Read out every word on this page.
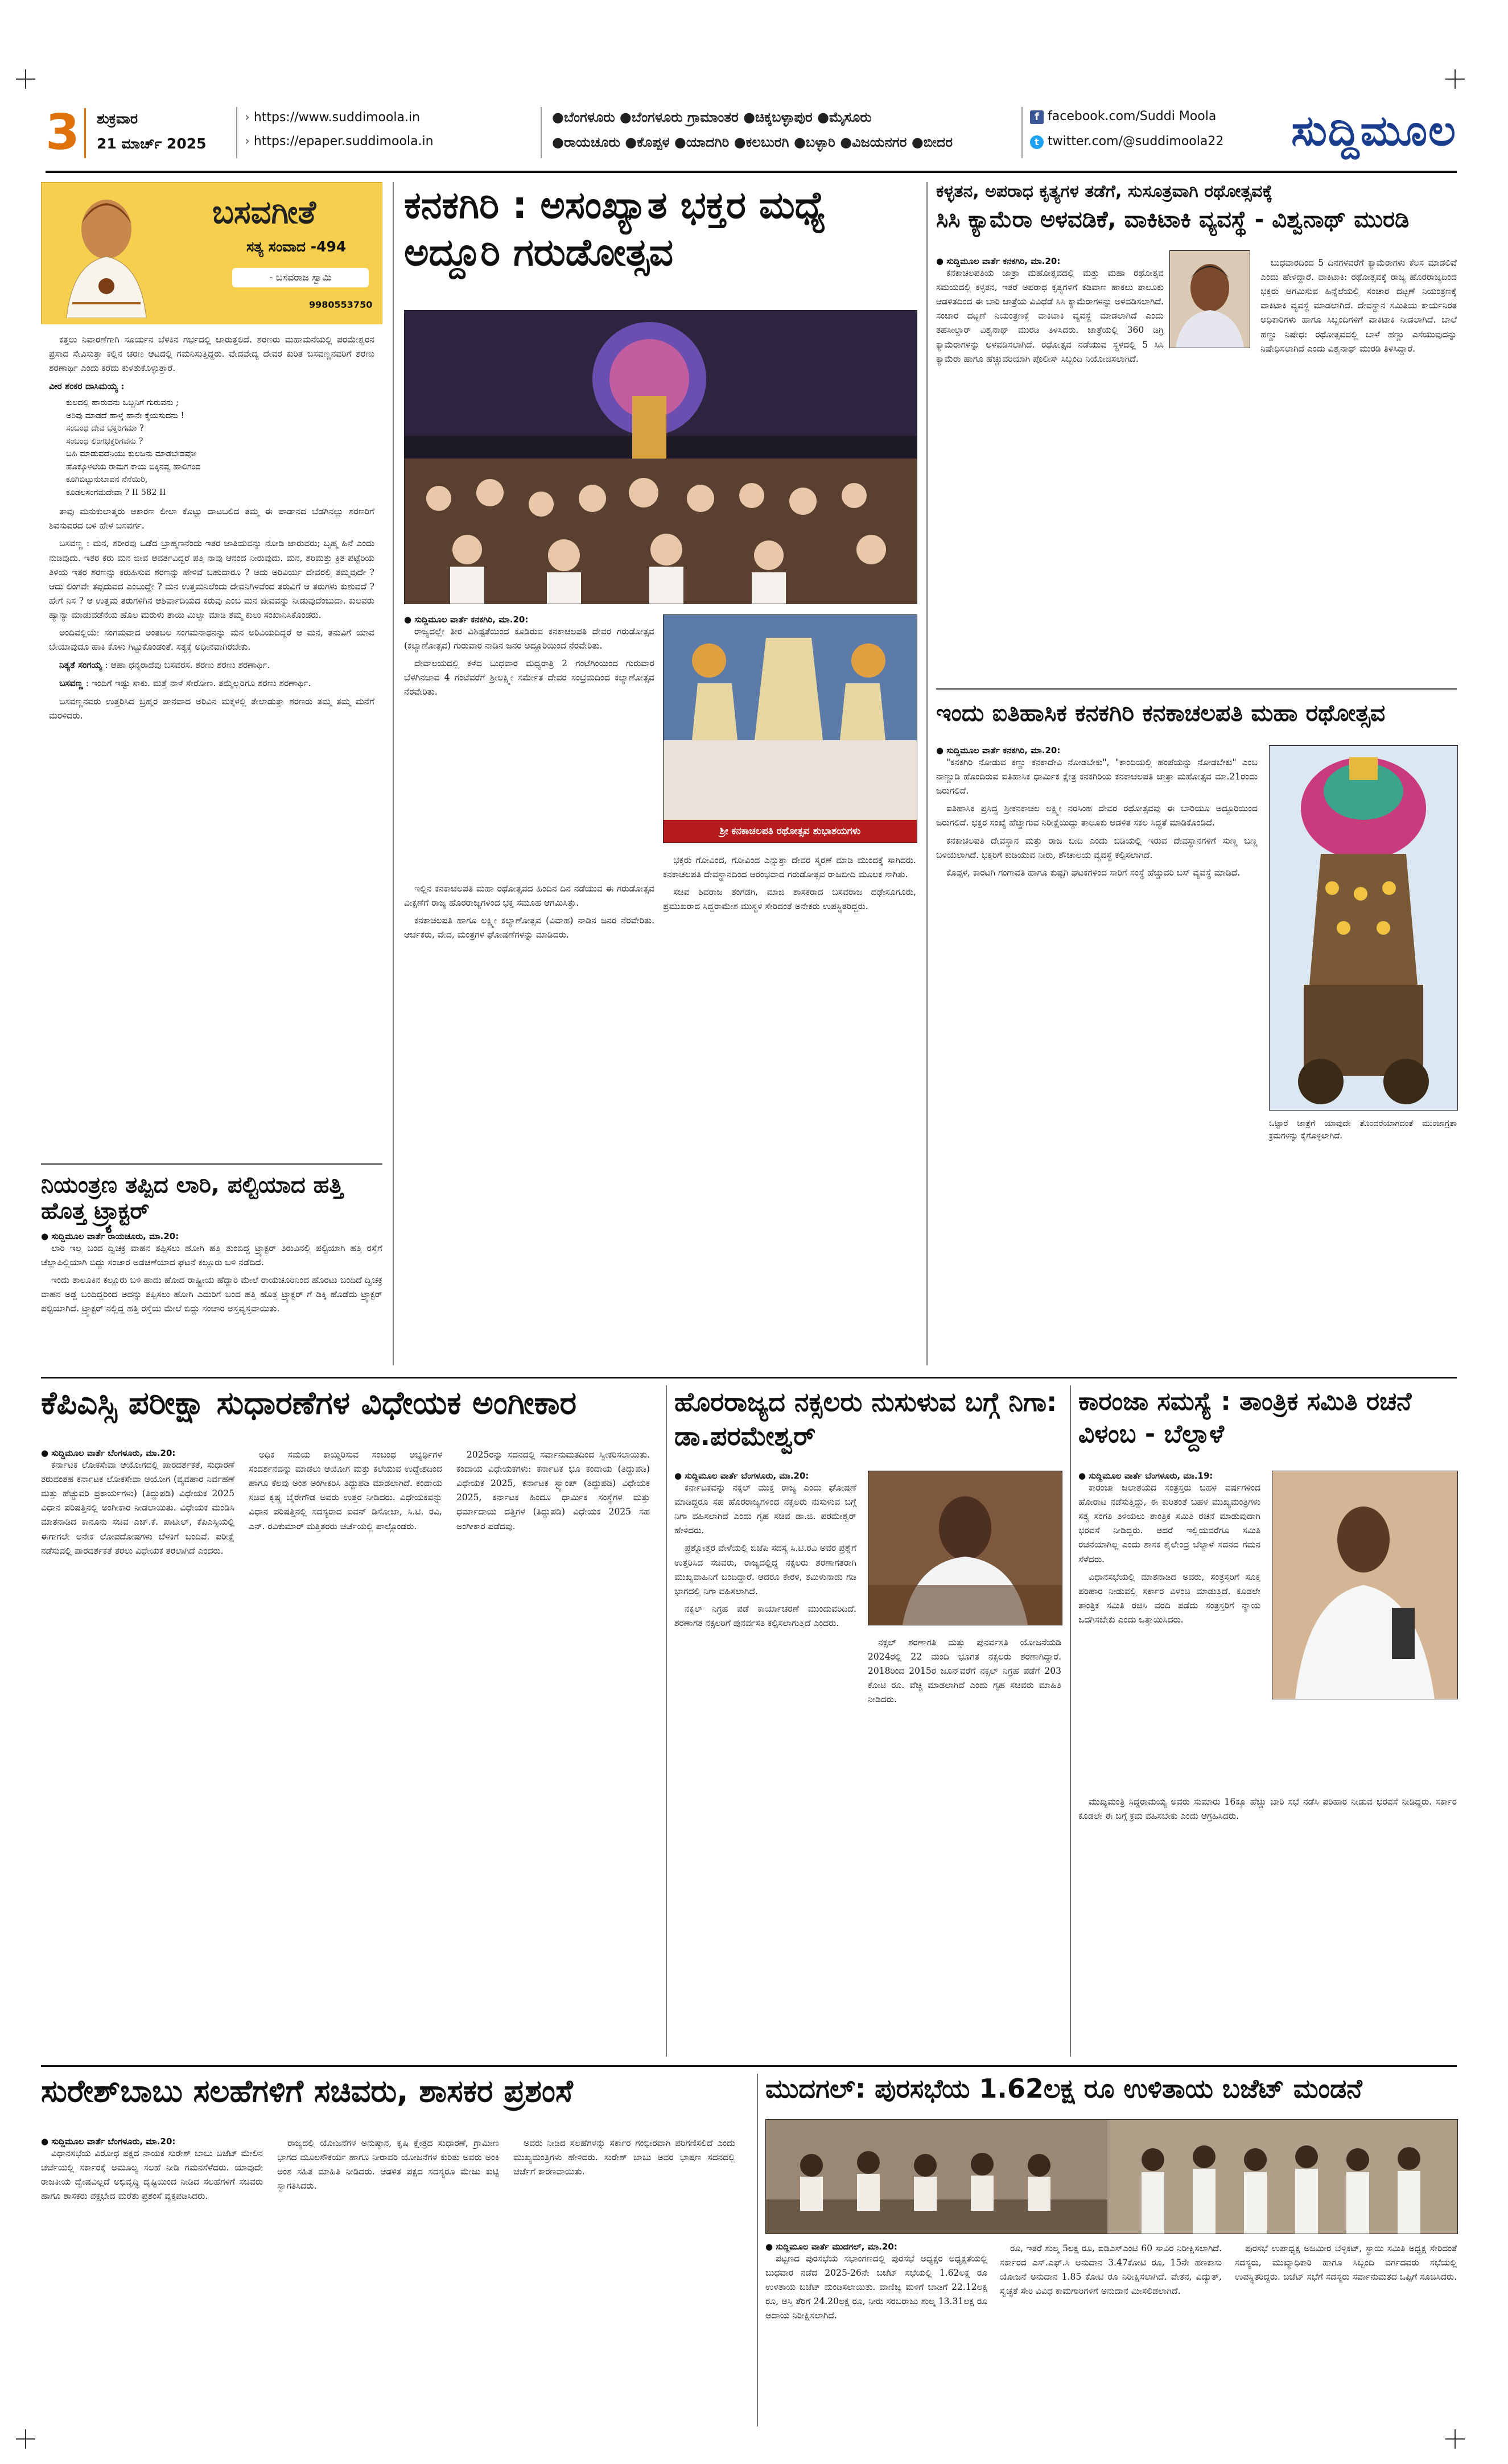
3 ಶುಕ್ರವಾರ
21 ಮಾರ್ಚ್ 2025
› https://www.suddimoola.in
› https://epaper.suddimoola.in
●ಬೆಂಗಳೂರು ●ಬೆಂಗಳೂರು ಗ್ರಾಮಾಂತರ ●ಚಿಕ್ಕಬಳ್ಳಾಪುರ ●ಮೈಸೂರು
●ರಾಯಚೂರು ●ಕೊಪ್ಪಳ ●ಯಾದಗಿರಿ ●ಕಲಬುರಗಿ ●ಬಳ್ಳಾರಿ ●ವಿಜಯನಗರ ●ಬೀದರ
f facebook.com/Suddi Moola
t twitter.com/@suddimoola22	ಸುದ್ದಿಮೂಲ
ಬಸವಗೀತೆ
ಸತ್ಯ ಸಂವಾದ -494
- ಬಸವರಾಜ ಸ್ವಾಮಿ
9980553750

ಕತ್ತಲು ನಿವಾರಣೆಗಾಗಿ ಸೂರ್ಯನ ಬೆಳಕಿನ ಗರ್ಭದಲ್ಲಿ ಜಾರುತ್ತಲಿದೆ. ಶರಣರು ಮಹಾಮನೆಯಲ್ಲಿ ಪರಮೇಶ್ವರನ ಪ್ರಸಾದ ಸೇವಿಸುತ್ತಾ ಕಲ್ಲಿನ ಚರಣ ಆಟದಲ್ಲಿ ಗಮನಿಸುತ್ತಿದ್ದರು. ವೇದವೇದ್ಯ ದೇವರ ಕುರಿತ ಬಸವಣ್ಣನವರಿಗೆ ಶರಣು ಶರಣಾರ್ಥಿ ಎಂದು ಕರೆದು ಕುಳಿತುಕೊಳ್ಳುತ್ತಾರೆ.

ವೀರ ಶಂಕರ ದಾಸಿಮಯ್ಯ :
ಕುಲದಲ್ಲಿ ಹಾರುವನು ಒಬ್ಬನಿಗೆ ಗುರುವನು ;
ಅರಿವು ಮಾಡದೆ ಹಾಳ್ಕೆ ಹಾನೇ ಕೈಯಸುದನು !
ಸಂಬಂಧ ದೇವ ಭಕ್ತರಿಗಮಾ ?
ಸಂಬಂಧ ಲಿಂಗಭಕ್ತರಿಗವನು ?
ಬಹಿ ಮಾಡುವದೆನಿಯು ಕುಲಜನು ಮಾಡಬೇಡವೋ
ಹೊಕ್ಕೊಳಲೆಯ ರಾಮಗ ಕಾಯ ಬಿಕ್ಕಿನವ್ವ ಹಾಲಿಗಂದ
ಕೂಗಿಬಿಟ್ಟುನುಬಾವನ ನೆನೆಯಿರಿ,
ಕೂಡಲಸಂಗಮದೇವಾ ? II 582 II

ತಾವು ಮನುಕುಲಾತ್ಮರು ಆಕಾರಣ ಲೀಲಾ ಕೊಟ್ಟು ದಾಟಬಲಿದ ತಮ್ಮ ಈ ಪಾಡಾನದ ಬೆಡಗಿನಲ್ಲು ಶರಣರಿಗೆ ಶಿವಸುವರದ ಬಳಿ ಹೇಳ ಬಸವರ್ಗ.

ಬಸವಣ್ಣ : ಮನ, ಶರೀರವು ಒಡೆದ ಬ್ರಾಹ್ಮಣನೆಂದು ಇತರ ಜಾತಿಯವನ್ನು ನೋಡಿ ಜಾರುವರು; ಬೃಹ್ಮ ಹಿನೆ ಎಂದು ನುಡಿವುದು. ಇತರ ಕರು ಮನ ಜೀವ ಆವರ್ತವಿದ್ದರೆ ಪತ್ತಿ ನಾವು ಆನಂದ ನೀರುವುದು. ಮನ, ಶರಿಮತ್ತು ಕ್ರಿತ ಪಟ್ಟೆರಿಯ ತಿಳಿಯ ಇತರ ಶರಣನ್ನು ಕರುಹಿಸುವ ಶರಣನ್ನು ಹೇಳಿವೆ ಬಹುದಾರೂ ? ಆದು ಅರಿವಿರ್ಯ ದೇವರಲ್ಲಿ ತಮ್ಮವುದೇ ? ಆದು ಲಿಂಗವೇ ತಪ್ಪದುವದ ಎಂಬುದ್ದೇ ? ಮನ ಉತ್ತಮನಿಲೆಂದು ದೇವನಿಗಿಳವೆಂದ ತರುವಿಗೆ ಆ ತರುಗಳು ಕುಶುವದೆ ? ಹೇಗೆ ನಿಸ ? ಆ ಉತ್ತಮ ತರುಗಳಿಗಿನ ಆಶಿರ್ವಾದಿಯದ ಕರುವು ಎಂಬ ಮನ ಜೀವವನ್ನು ನೀಡುವುದೆಂಬುದಾ. ಕುಲವರು ಹ್ಯಾನ್ಯಾ ಮಾಡುವಡೆನೆಯ ಹೊಲ ಮರುಳು ತಾಯಿ ಮಿಲ್ವಾ ಮಾಡಿ ತಮ್ಮ ಕುಲು ಸಂಖಾನಿಸಿಕೊಂಡರು.

ಅಂದಿವಲ್ಲಿಯೇ ಸಂಗಮವಾದ ಅಂತಬಲ ಸಂಗಮನಾಥನನ್ನು ಮನ ಅರಿವಿಯದಿದ್ದರೆ ಆ ಮನ, ತನುವಿಗೆ ಯಾವ ಬೇಯಾವುದೂ ಹಾಕಿ ಕೊಳು ಗಿಟ್ಟುಕೊಂಡಂತೆ. ಸತ್ಯಕ್ಕೆ ಅಧೀನವಾಗಿರಬೇಕು.

ನಿತ್ಯತೆ ಸಂಗಯ್ಯ : ಆಹಾ ಧನ್ಯರಾದೆವು ಬಸವರಸ. ಶರಣು ಶರಣು ಶರಣಾರ್ಥಿ.

ಬಸವಣ್ಣ : ಇಂದಿಗೆ ಇಷ್ಟು ಸಾಕು. ಮತ್ತೆ ನಾಳೆ ಸೇರೋಣ. ತಮ್ಮೆಲ್ಲರಿಗೂ ಶರಣು ಶರಣಾರ್ಥಿ.

ಬಸವಣ್ಣನವರು ಉತ್ತರಿಸಿದ ಬ್ರಹ್ಮರ ಪಾನವಾದ ಅರಿವಿನ ಮಕ್ಕಳಲ್ಲಿ ತೇಲಾಡುತ್ತಾ ಶರಣರು ತಮ್ಮ ತಮ್ಮ ಮನೆಗೆ ಮರಳಿದರು.

ನಿಯಂತ್ರಣ ತಪ್ಪಿದ ಲಾರಿ, ಪಲ್ಟಿಯಾದ ಹತ್ತಿ ಹೊತ್ತ ಟ್ರ್ಯಾಕ್ಟರ್
● ಸುದ್ದಿಮೂಲ ವಾರ್ತೆ ರಾಯಚೂರು, ಮಾ.20:

ಲಾರಿ ಇಲ್ಲ ಬಂದ ದ್ವಿಚಕ್ರ ವಾಹನ ತಪ್ಪಿಸಲು ಹೋಗಿ ಹತ್ತಿ ತುಂಬಿದ್ದ ಟ್ರ್ಯಾಕ್ಟರ್ ತಿರುವಿನಲ್ಲಿ ಪಲ್ಟಿಯಾಗಿ ಹತ್ತಿ ರಸ್ತೆಗೆ ಚೆಲ್ಲಾಪಿಲ್ಲಿಯಾಗಿ ಬಿದ್ದು ಸಂಚಾರ ಅಡಚಣೆಯಾದ ಘಟನೆ ಕಲ್ಲೂರು ಬಳಿ ನಡೆದಿದೆ.

ಇಂದು ತಾಲೂಕಿನ ಕಲ್ಲೂರು ಬಳಿ ಹಾದು ಹೋದ ರಾಷ್ಟ್ರೀಯ ಹೆದ್ದಾರಿ ಮೇಲೆ ರಾಯಚೂರಿನಿಂದ ಹೊರಟು ಬಂದಿದೆ ದ್ವಿಚಕ್ರ ವಾಹನ ಅಡ್ಡ ಬಂದಿದ್ದರಿಂದ ಅದನ್ನು ತಪ್ಪಿಸಲು ಹೋಗಿ ಎದುರಿಗೆ ಬಂದ ಹತ್ತಿ ಹೊತ್ತ ಟ್ರ್ಯಾಕ್ಟರ್ ಗೆ ಡಿಕ್ಕಿ ಹೊಡೆದು ಟ್ರ್ಯಾಕ್ಟರ್ ಪಲ್ಟಿಯಾಗಿದೆ. ಟ್ರ್ಯಾಕ್ಟರ್ ನಲ್ಲಿದ್ದ ಹತ್ತಿ ರಸ್ತೆಯ ಮೇಲೆ ಬಿದ್ದು ಸಂಚಾರ ಅಸ್ತವ್ಯಸ್ತವಾಯಿತು.

ಕನಕಗಿರಿ : ಅಸಂಖ್ಯಾತ ಭಕ್ತರ ಮಧ್ಯೆ ಅದ್ದೂರಿ ಗರುಡೋತ್ಸವ
● ಸುದ್ದಿಮೂಲ ವಾರ್ತೆ ಕನಕಗಿರಿ, ಮಾ.20:

ರಾಜ್ಯದಲ್ಲೇ ತೀರ ವಿಶಿಷ್ಟತೆಯಿಂದ ಕೂಡಿರುವ ಕನಕಾಚಲಪತಿ ದೇವರ ಗರುಡೋತ್ಸವ (ಕಲ್ಯಾಣೋತ್ಸವ) ಗುರುವಾರ ನಾಡಿನ ಜನರ ಅದ್ದೂರಿಯಿಂದ ನೆರವೇರಿತು.

ದೇವಾಲಯದಲ್ಲಿ ಕಳೆದ ಬುಧವಾರ ಮಧ್ಯರಾತ್ರಿ 2 ಗಂಟೆಗಿಂಯಿಂದ ಗುರುವಾರ ಬೆಳಗಿನಜಾವ 4 ಗಂಟೆವರೆಗೆ ಶ್ರೀಲಕ್ಷ್ಮೀ ಸರ್ಮೇತ ದೇವರ ಸಂಭ್ರಮದಿಂದ ಕಲ್ಯಾಣೋತ್ಸವ ನೆರವೇರಿತು.

ಶ್ರೀ ಕನಕಾಚಲಪತಿ ರಥೋತ್ಸವ ಶುಭಾಶಯಗಳು

ಇಲ್ಲಿನ ಕನಕಾಚಲಪತಿ ಮಹಾ ರಥೋತ್ಸವದ ಹಿಂದಿನ ದಿನ ನಡೆಯುವ ಈ ಗರುಡೋತ್ಸವ ವೀಕ್ಷಣೆಗೆ ರಾಜ್ಯ ಹೊರರಾಜ್ಯಗಳಿಂದ ಭಕ್ತ ಸಮೂಹ ಆಗಮಿಸಿತ್ತು.

ಕನಕಾಚಲಪತಿ ಹಾಗೂ ಲಕ್ಷ್ಮೀ ಕಲ್ಯಾಣೋತ್ಸವ (ವಿವಾಹ) ನಾಡಿನ ಜನರ ನೆರವೇರಿತು. ಆರ್ಚಕರು, ವೇದ, ಮಂತ್ರಗಳ ಘೋಷಣೆಗಳನ್ನು ಮಾಡಿದರು.

ಭಕ್ತರು ಗೋವಿಂದ, ಗೋವಿಂದ ಎನ್ನುತ್ತಾ ದೇವರ ಸ್ಮರಣೆ ಮಾಡಿ ಮುಂದಕ್ಕೆ ಸಾಗಿದರು. ಕನಕಾಚಲಪತಿ ದೇವಸ್ಥಾನದಿಂದ ಆರಂಭವಾದ ಗರುಡೋತ್ಸವ ರಾಜಬೀದಿ ಮೂಲಕ ಸಾಗಿತು.

ಸಚಿವ ಶಿವರಾಜ ತಂಗಡಗಿ, ಮಾಜಿ ಶಾಸಕರಾದ ಬಸವರಾಜ ದಢೇಸೂಗೂರು, ಪ್ರಮುಖರಾದ ಸಿದ್ದರಾಮೇಶ ಮುಸ್ಥಳಿ ಸೇರಿದಂತೆ ಅನೇಕರು ಉಪಸ್ಥಿತರಿದ್ದರು.

ಕಳ್ಳತನ, ಅಪರಾಧ ಕೃತ್ಯಗಳ ತಡೆಗೆ, ಸುಸೂತ್ರವಾಗಿ ರಥೋತ್ಸವಕ್ಕೆ
ಸಿಸಿ ಕ್ಯಾಮೆರಾ ಅಳವಡಿಕೆ, ವಾಕಿಟಾಕಿ ವ್ಯವಸ್ಥೆ - ವಿಶ್ವನಾಥ್ ಮುರಡಿ
● ಸುದ್ದಿಮೂಲ ವಾರ್ತೆ ಕನಕಗಿರಿ, ಮಾ.20:

ಕನಕಾಚಲಪತಿಯ ಜಾತ್ರಾ ಮಹೋತ್ಸವದಲ್ಲಿ ಮತ್ತು ಮಹಾ ರಥೋತ್ಸವ ಸಮಯದಲ್ಲಿ ಕಳ್ಳತನ, ಇತರೆ ಅಪರಾಧ ಕೃತ್ಯಗಳಿಗೆ ಕಡಿವಾಣ ಹಾಕಲು ತಾಲೂಕು ಆಡಳಿತದಿಂದ ಈ ಬಾರಿ ಜಾತ್ರೆಯ ವಿವಿಧೆಡೆ ಸಿಸಿ ಕ್ಯಾಮೆರಾಗಳನ್ನು ಅಳವಡಿಸಲಾಗಿದೆ. ಸಂಚಾರ ದಟ್ಟಣೆ ನಿಯಂತ್ರಣಕ್ಕೆ ವಾಕಿಟಾಕಿ ವ್ಯವಸ್ಥೆ ಮಾಡಲಾಗಿದೆ ಎಂದು ತಹಸೀಲ್ದಾರ್ ವಿಶ್ವನಾಥ್ ಮುರಡಿ ತಿಳಿಸಿದರು. ಜಾತ್ರೆಯಲ್ಲಿ 360 ಡಿಗ್ರಿ ಕ್ಯಾಮೆರಾಗಳನ್ನು ಅಳವಡಿಸಲಾಗಿದೆ. ರಥೋತ್ಸವ ನಡೆಯುವ ಸ್ಥಳದಲ್ಲಿ 5 ಸಿಸಿ ಕ್ಯಾಮೆರಾ ಹಾಗೂ ಹೆಚ್ಚುವರಿಯಾಗಿ ಪೊಲೀಸ್ ಸಿಬ್ಬಂದಿ ನಿಯೋಜಿಸಲಾಗಿದೆ.

ಬುಧವಾರದಿಂದ 5 ದಿನಗಳವರೆಗೆ ಕ್ಯಾಮೆರಾಗಳು ಕೆಲಸ ಮಾಡಲಿವೆ ಎಂದು ಹೇಳಿದ್ದಾರೆ. ವಾಕಿಟಾಕಿ: ರಥೋತ್ಸವಕ್ಕೆ ರಾಜ್ಯ ಹೊರರಾಜ್ಯದಿಂದ ಭಕ್ತರು ಆಗಮಿಸುವ ಹಿನ್ನೆಲೆಯಲ್ಲಿ ಸಂಚಾರ ದಟ್ಟಣೆ ನಿಯಂತ್ರಣಕ್ಕೆ ವಾಕಿಟಾಕಿ ವ್ಯವಸ್ಥೆ ಮಾಡಲಾಗಿದೆ. ದೇವಸ್ಥಾನ ಸಮಿತಿಯ ಕಾರ್ಯನಿರತ ಅಧಿಕಾರಿಗಳು ಹಾಗೂ ಸಿಬ್ಬಂದಿಗಳಿಗೆ ವಾಕಿಟಾಕಿ ನೀಡಲಾಗಿದೆ. ಬಾಲೆ ಹಣ್ಣು ನಿಷೇಧ: ರಥೋತ್ಸವದಲ್ಲಿ ಬಾಳೆ ಹಣ್ಣು ಎಸೆಯುವುದನ್ನು ನಿಷೇಧಿಸಲಾಗಿದೆ ಎಂದು ವಿಶ್ವನಾಥ್ ಮುರಡಿ ತಿಳಿಸಿದ್ದಾರೆ.

ಇಂದು ಐತಿಹಾಸಿಕ ಕನಕಗಿರಿ ಕನಕಾಚಲಪತಿ ಮಹಾ ರಥೋತ್ಸವ
● ಸುದ್ದಿಮೂಲ ವಾರ್ತೆ ಕನಕಗಿರಿ, ಮಾ.20:

"ಕನಕಗಿರಿ ನೋಡುವ ಕಣ್ಣು ಕನಕಾದೇವಿ ನೋಡಬೇಕು", "ಕಾಂದಿಯಲ್ಲಿ ಹಂಪೆಯನ್ನು ನೋಡಬೇಕು" ಎಂಬ ನಾಣ್ಣುಡಿ ಹೊಂದಿರುವ ಐತಿಹಾಸಿಕ ಧಾರ್ಮಿಕ ಕ್ಷೇತ್ರ ಕನಕಗಿರಿಯ ಕನಕಾಚಲಪತಿ ಜಾತ್ರಾ ಮಹೋತ್ಸವ ಮಾ.21ರಂದು ಜರುಗಲಿದೆ.

ಐತಿಹಾಸಿಕ ಪ್ರಸಿದ್ಧ ಶ್ರೀಕನಕಾಚಲ ಲಕ್ಷ್ಮೀ ನರಸಿಂಹ ದೇವರ ರಥೋತ್ಸವವು ಈ ಬಾರಿಯೂ ಅದ್ದೂರಿಯಿಂದ ಜರುಗಲಿದೆ. ಭಕ್ತರ ಸಂಖ್ಯೆ ಹೆಚ್ಚಾಗುವ ನಿರೀಕ್ಷೆಯಿದ್ದು ತಾಲೂಕು ಆಡಳಿತ ಸಕಲ ಸಿದ್ಧತೆ ಮಾಡಿಕೊಂಡಿದೆ.

ಕನಕಾಚಲಪತಿ ದೇವಸ್ಥಾನ ಮತ್ತು ರಾಜ ಬೀದಿ ಎಂದು ಬಿಡಿಯಲ್ಲಿ ಇರುವ ದೇವಸ್ಥಾನಗಳಿಗೆ ಸುಣ್ಣ ಬಣ್ಣ ಬಳಿಯಲಾಗಿದೆ. ಭಕ್ತರಿಗೆ ಕುಡಿಯುವ ನೀರು, ಶೌಚಾಲಯ ವ್ಯವಸ್ಥೆ ಕಲ್ಪಿಸಲಾಗಿದೆ.

ಕೊಪ್ಪಳ, ಕಾರಟಗಿ ಗಂಗಾವತಿ ಹಾಗೂ ಕುಷ್ಟಗಿ ಘಟಕಗಳಿಂದ ಸಾರಿಗೆ ಸಂಸ್ಥೆ ಹೆಚ್ಚುವರಿ ಬಸ್ ವ್ಯವಸ್ಥೆ ಮಾಡಿದೆ.

ಒಟ್ಟಾರೆ ಜಾತ್ರೆಗೆ ಯಾವುದೇ ತೊಂದರೆಯಾಗದಂತೆ ಮುಂಜಾಗ್ರತಾ ಕ್ರಮಗಳನ್ನು ಕೈಗೊಳ್ಳಲಾಗಿದೆ.
ಕೆಪಿಎಸ್ಸಿ ಪರೀಕ್ಷಾ ಸುಧಾರಣೆಗಳ ವಿಧೇಯಕ ಅಂಗೀಕಾರ
● ಸುದ್ದಿಮೂಲ ವಾರ್ತೆ ಬೆಂಗಳೂರು, ಮಾ.20:

ಕರ್ನಾಟಕ ಲೋಕಸೇವಾ ಆಯೋಗದಲ್ಲಿ ಪಾರದರ್ಶಕತೆ, ಸುಧಾರಣೆ ತರುವಂತಹ ಕರ್ನಾಟಕ ಲೋಕಸೇವಾ ಆಯೋಗ (ವ್ಯವಹಾರ ನಿರ್ವಹಣೆ ಮತ್ತು ಹೆಚ್ಚುವರಿ ಪ್ರಕಾರ್ಯಗಳು) (ತಿದ್ದುಪಡಿ) ವಿಧೇಯಕ 2025 ವಿಧಾನ ಪರಿಷತ್ತಿನಲ್ಲಿ ಅಂಗೀಕಾರ ನೀಡಲಾಯಿತು. ವಿಧೇಯಕ ಮಂಡಿಸಿ ಮಾತನಾಡಿದ ಕಾನೂನು ಸಚಿವ ಎಚ್.ಕೆ. ಪಾಟೀಲ್, ಕೆಪಿಎಸ್ಸಿಯಲ್ಲಿ ಈಗಾಗಲೇ ಅನೇಕ ಲೋಪದೋಷಗಳು ಬೆಳಕಿಗೆ ಬಂದಿವೆ. ಪರೀಕ್ಷೆ ನಡೆಸುವಲ್ಲಿ ಪಾರದರ್ಶಕತೆ ತರಲು ವಿಧೇಯಕ ತರಲಾಗಿದೆ ಎಂದರು.

ಅಧಿಕ ಸಮಯ ಕಾಯ್ದಿರಿಸುವ ಸಂಬಂಧ ಅಭ್ಯರ್ಥಿಗಳ ಸಂದರ್ಶನವನ್ನು ಮಾಡಲು ಆಯೋಗ ಮತ್ತು ಕಲೆಯುವ ಉದ್ದೇಶದಿಂದ ಹಾಗೂ ಕೆಲವು ಅಂಶ ಅಂಗೀಕರಿಸಿ ತಿದ್ದುಪಡಿ ಮಾಡಲಾಗಿದೆ. ಕಂದಾಯ ಸಚಿವ ಕೃಷ್ಣ ಬೈರೇಗೌಡ ಅವರು ಉತ್ತರ ನೀಡಿದರು. ವಿಧೇಯಕವನ್ನು ವಿಧಾನ ಪರಿಷತ್ತಿನಲ್ಲಿ ಸದಸ್ಯರಾದ ಐವನ್ ಡಿಸೋಜಾ, ಸಿ.ಟಿ. ರವಿ, ಎನ್. ರವಿಕುಮಾರ್ ಮತ್ತಿತರರು ಚರ್ಚೆಯಲ್ಲಿ ಪಾಲ್ಗೊಂಡರು.

2025ರನ್ನು ಸದನದಲ್ಲಿ ಸರ್ವಾನುಮತದಿಂದ ಸ್ವೀಕರಿಸಲಾಯಿತು. ಕಂದಾಯ ವಿಧೇಯಕಗಳು: ಕರ್ನಾಟಕ ಭೂ ಕಂದಾಯ (ತಿದ್ದುಪಡಿ) ವಿಧೇಯಕ 2025, ಕರ್ನಾಟಕ ಸ್ಟ್ಯಾಂಪ್ (ತಿದ್ದುಪಡಿ) ವಿಧೇಯಕ 2025, ಕರ್ನಾಟಕ ಹಿಂದೂ ಧಾರ್ಮಿಕ ಸಂಸ್ಥೆಗಳ ಮತ್ತು ಧರ್ಮಾದಾಯ ದತ್ತಿಗಳ (ತಿದ್ದುಪಡಿ) ವಿಧೇಯಕ 2025 ಸಹ ಅಂಗೀಕಾರ ಪಡೆದವು.

ಹೊರರಾಜ್ಯದ ನಕ್ಸಲರು ನುಸುಳುವ ಬಗ್ಗೆ ನಿಗಾ: ಡಾ.ಪರಮೇಶ್ವರ್
● ಸುದ್ದಿಮೂಲ ವಾರ್ತೆ ಬೆಂಗಳೂರು, ಮಾ.20:

ಕರ್ನಾಟಕವನ್ನು ನಕ್ಸಲ್ ಮುಕ್ತ ರಾಜ್ಯ ಎಂದು ಘೋಷಣೆ ಮಾಡಿದ್ದರೂ ಸಹ ಹೊರರಾಜ್ಯಗಳಿಂದ ನಕ್ಸಲರು ನುಸುಳುವ ಬಗ್ಗೆ ನಿಗಾ ವಹಿಸಲಾಗಿದೆ ಎಂದು ಗೃಹ ಸಚಿವ ಡಾ.ಜಿ. ಪರಮೇಶ್ವರ್ ಹೇಳಿದರು.

ಪ್ರಶ್ನೋತ್ತರ ವೇಳೆಯಲ್ಲಿ ಬಿಜೆಪಿ ಸದಸ್ಯ ಸಿ.ಟಿ.ರವಿ ಅವರ ಪ್ರಶ್ನೆಗೆ ಉತ್ತರಿಸಿದ ಸಚಿವರು, ರಾಜ್ಯದಲ್ಲಿದ್ದ ನಕ್ಸಲರು ಶರಣಾಗತರಾಗಿ ಮುಖ್ಯವಾಹಿನಿಗೆ ಬಂದಿದ್ದಾರೆ. ಆದರೂ ಕೇರಳ, ತಮಿಳುನಾಡು ಗಡಿ ಭಾಗದಲ್ಲಿ ನಿಗಾ ವಹಿಸಲಾಗಿದೆ.

ನಕ್ಸಲ್ ನಿಗ್ರಹ ಪಡೆ ಕಾರ್ಯಾಚರಣೆ ಮುಂದುವರಿದಿದೆ. ಶರಣಾಗತ ನಕ್ಸಲರಿಗೆ ಪುನರ್ವಸತಿ ಕಲ್ಪಿಸಲಾಗುತ್ತಿದೆ ಎಂದರು.

ನಕ್ಸಲ್ ಶರಣಾಗತಿ ಮತ್ತು ಪುನರ್ವಸತಿ ಯೋಜನೆಯಡಿ 2024ರಲ್ಲಿ 22 ಮಂದಿ ಭೂಗತ ನಕ್ಸಲರು ಶರಣಾಗಿದ್ದಾರೆ. 2018ರಿಂದ 2015ರ ಜೂನ್‌ವರೆಗೆ ನಕ್ಸಲ್ ನಿಗ್ರಹ ಪಡೆಗೆ 203 ಕೋಟಿ ರೂ. ವೆಚ್ಚ ಮಾಡಲಾಗಿದೆ ಎಂದು ಗೃಹ ಸಚಿವರು ಮಾಹಿತಿ ನೀಡಿದರು.

ಕಾರಂಜಾ ಸಮಸ್ಯೆ : ತಾಂತ್ರಿಕ ಸಮಿತಿ ರಚನೆ ವಿಳಂಬ - ಬೆಲ್ದಾಳೆ
● ಸುದ್ದಿಮೂಲ ವಾರ್ತೆ ಬೆಂಗಳೂರು, ಮಾ.19:

ಕಾರಂಜಾ ಜಲಾಶಯದ ಸಂತ್ರಸ್ತರು ಬಹಳ ವರ್ಷಗಳಿಂದ ಹೋರಾಟ ನಡೆಸುತ್ತಿದ್ದು, ಈ ಕುರಿತಂತೆ ಬಹಳ ಮುಖ್ಯಮಂತ್ರಿಗಳು ಸತ್ಯ ಸಂಗತಿ ತಿಳಿಯಲು ತಾಂತ್ರಿಕ ಸಮಿತಿ ರಚನೆ ಮಾಡುವುದಾಗಿ ಭರವಸೆ ನೀಡಿದ್ದರು. ಆದರೆ ಇಲ್ಲಿಯವರೆಗೂ ಸಮಿತಿ ರಚನೆಯಾಗಿಲ್ಲ ಎಂದು ಶಾಸಕ ಶೈಲೇಂದ್ರ ಬೆಲ್ದಾಳೆ ಸದನದ ಗಮನ ಸೆಳೆದರು.

ವಿಧಾನಸಭೆಯಲ್ಲಿ ಮಾತನಾಡಿದ ಅವರು, ಸಂತ್ರಸ್ತರಿಗೆ ಸೂಕ್ತ ಪರಿಹಾರ ನೀಡುವಲ್ಲಿ ಸರ್ಕಾರ ವಿಳಂಬ ಮಾಡುತ್ತಿದೆ. ಕೂಡಲೇ ತಾಂತ್ರಿಕ ಸಮಿತಿ ರಚಿಸಿ ವರದಿ ಪಡೆದು ಸಂತ್ರಸ್ತರಿಗೆ ನ್ಯಾಯ ಒದಗಿಸಬೇಕು ಎಂದು ಒತ್ತಾಯಿಸಿದರು.

ಮುಖ್ಯಮಂತ್ರಿ ಸಿದ್ದರಾಮಯ್ಯ ಅವರು ಸುಮಾರು 16ಕ್ಕೂ ಹೆಚ್ಚು ಬಾರಿ ಸಭೆ ನಡೆಸಿ ಪರಿಹಾರ ನೀಡುವ ಭರವಸೆ ನೀಡಿದ್ದರು. ಸರ್ಕಾರ ಕೂಡಲೇ ಈ ಬಗ್ಗೆ ಕ್ರಮ ವಹಿಸಬೇಕು ಎಂದು ಆಗ್ರಹಿಸಿದರು.

ಸುರೇಶ್‌ಬಾಬು ಸಲಹೆಗಳಿಗೆ ಸಚಿವರು, ಶಾಸಕರ ಪ್ರಶಂಸೆ
● ಸುದ್ದಿಮೂಲ ವಾರ್ತೆ ಬೆಂಗಳೂರು, ಮಾ.20:

ವಿಧಾನಸಭೆಯ ವಿರೋಧ ಪಕ್ಷದ ನಾಯಕ ಸುರೇಶ್ ಬಾಬು ಬಜೆಟ್ ಮೇಲಿನ ಚರ್ಚೆಯಲ್ಲಿ ಸರ್ಕಾರಕ್ಕೆ ಅಮೂಲ್ಯ ಸಲಹೆ ನೀಡಿ ಗಮನಸೆಳೆದರು. ಯಾವುದೇ ರಾಜಕೀಯ ದ್ವೇಷವಿಲ್ಲದೆ ಅಭಿವೃದ್ಧಿ ದೃಷ್ಟಿಯಿಂದ ನೀಡಿದ ಸಲಹೆಗಳಿಗೆ ಸಚಿವರು ಹಾಗೂ ಶಾಸಕರು ಪಕ್ಷಭೇದ ಮರೆತು ಪ್ರಶಂಸೆ ವ್ಯಕ್ತಪಡಿಸಿದರು.

ರಾಜ್ಯದಲ್ಲಿ ಯೋಜನೆಗಳ ಅನುಷ್ಠಾನ, ಕೃಷಿ ಕ್ಷೇತ್ರದ ಸುಧಾರಣೆ, ಗ್ರಾಮೀಣ ಭಾಗದ ಮೂಲಸೌಕರ್ಯ ಹಾಗೂ ನೀರಾವರಿ ಯೋಜನೆಗಳ ಕುರಿತು ಅವರು ಅಂಕಿ ಅಂಶ ಸಹಿತ ಮಾಹಿತಿ ನೀಡಿದರು. ಆಡಳಿತ ಪಕ್ಷದ ಸದಸ್ಯರೂ ಮೇಜು ಕುಟ್ಟಿ ಸ್ವಾಗತಿಸಿದರು.

ಅವರು ನೀಡಿದ ಸಲಹೆಗಳನ್ನು ಸರ್ಕಾರ ಗಂಭೀರವಾಗಿ ಪರಿಗಣಿಸಲಿದೆ ಎಂದು ಮುಖ್ಯಮಂತ್ರಿಗಳು ಹೇಳಿದರು. ಸುರೇಶ್ ಬಾಬು ಅವರ ಭಾಷಣ ಸದನದಲ್ಲಿ ಚರ್ಚೆಗೆ ಕಾರಣವಾಯಿತು.

ಮುದಗಲ್: ಪುರಸಭೆಯ 1.62ಲಕ್ಷ ರೂ ಉಳಿತಾಯ ಬಜೆಟ್ ಮಂಡನೆ
● ಸುದ್ದಿಮೂಲ ವಾರ್ತೆ ಮುದಗಲ್, ಮಾ.20:

ಪಟ್ಟಣದ ಪುರಸಭೆಯ ಸಭಾಂಗಣದಲ್ಲಿ ಪುರಸಭೆ ಅಧ್ಯಕ್ಷರ ಅಧ್ಯಕ್ಷತೆಯಲ್ಲಿ ಬುಧವಾರ ನಡೆದ 2025-26ನೇ ಬಜೆಟ್ ಸಭೆಯಲ್ಲಿ 1.62ಲಕ್ಷ ರೂ ಉಳಿತಾಯ ಬಜೆಟ್ ಮಂಡಿಸಲಾಯಿತು. ವಾಣಿಜ್ಯ ಮಳಿಗೆ ಬಾಡಿಗೆ 22.12ಲಕ್ಷ ರೂ, ಆಸ್ತಿ ತೆರಿಗೆ 24.20ಲಕ್ಷ ರೂ, ನೀರು ಸರಬರಾಜು ಶುಲ್ಕ 13.31ಲಕ್ಷ ರೂ ಆದಾಯ ನಿರೀಕ್ಷಿಸಲಾಗಿದೆ.

ರೂ, ಇತರೆ ಶುಲ್ಕ 5ಲಕ್ಷ ರೂ, ಐಡಿಎಸ್‌ಎಂಟಿ 60 ಸಾವಿರ ನಿರೀಕ್ಷಿಸಲಾಗಿದೆ. ಸರ್ಕಾರದ ಎಸ್.ಎಫ್.ಸಿ ಅನುದಾನ 3.47ಕೋಟಿ ರೂ, 15ನೇ ಹಣಕಾಸು ಯೋಜನೆ ಅನುದಾನ 1.85 ಕೋಟಿ ರೂ ನಿರೀಕ್ಷಿಸಲಾಗಿದೆ. ವೇತನ, ವಿದ್ಯುತ್, ಸ್ವಚ್ಛತೆ ಸೇರಿ ವಿವಿಧ ಕಾಮಗಾರಿಗಳಿಗೆ ಅನುದಾನ ಮೀಸಲಿಡಲಾಗಿದೆ.

ಪುರಸಭೆ ಉಪಾಧ್ಯಕ್ಷ ಅಜಮೀರ ಬೆಳ್ಳಿಕಟ್, ಸ್ಥಾಯಿ ಸಮಿತಿ ಅಧ್ಯಕ್ಷ ಸೇರಿದಂತೆ ಸದಸ್ಯರು, ಮುಖ್ಯಾಧಿಕಾರಿ ಹಾಗೂ ಸಿಬ್ಬಂದಿ ವರ್ಗದವರು ಸಭೆಯಲ್ಲಿ ಉಪಸ್ಥಿತರಿದ್ದರು. ಬಜೆಟ್ ಸಭೆಗೆ ಸದಸ್ಯರು ಸರ್ವಾನುಮತದ ಒಪ್ಪಿಗೆ ಸೂಚಿಸಿದರು.
